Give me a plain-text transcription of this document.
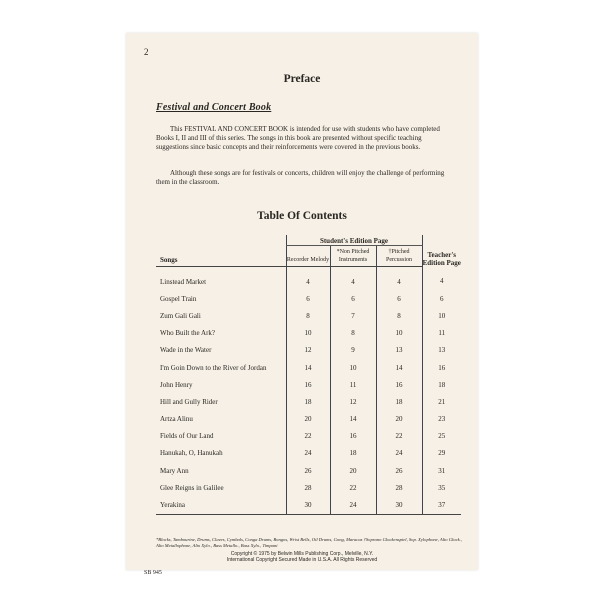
2
Preface
Festival and Concert Book
This FESTIVAL AND CONCERT BOOK is intended for use with students who have completed Books I, II and III of this series. The songs in this book are presented without specific teaching suggestions since basic concepts and their reinforcements were covered in the previous books.
Although these songs are for festivals or concerts, children will enjoy the challenge of performing them in the classroom.
Table Of Contents
	Student's Edition Page			Teacher's Edition Page
Songs	Recorder Melody	*Non Pitched Instruments	†Pitched Percussion	
Linstead Market	4	4	4	4
Gospel Train	6	6	6	6
Zum Gali Gali	8	7	8	10
Who Built the Ark?	10	8	10	11
Wade in the Water	12	9	13	13
I'm Goin Down to the River of Jordan	14	10	14	16
John Henry	16	11	16	18
Hill and Gully Rider	18	12	18	21
Artza Alinu	20	14	20	23
Fields of Our Land	22	16	22	25
Hanukah, O, Hanukah	24	18	24	29
Mary Ann	26	20	26	31
Glee Reigns in Galilee	28	22	28	35
Yerakina	30	24	30	37
*Blocks, Tambourine, Drums, Claves, Cymbals, Conga Drums, Bongos, Wrist Bells, Oil Drums, Gong, Maracas †Soprano Glockenspiel, Sop. Xylophone, Alto Glock., Alto Metallophone, Alto Xylo., Bass Metallo., Bass Xylo., Timpani
Copyright © 1975 by Belwin Mills Publishing Corp., Melville, N.Y.
International Copyright Secured Made in U.S.A. All Rights Reserved
SB 945
